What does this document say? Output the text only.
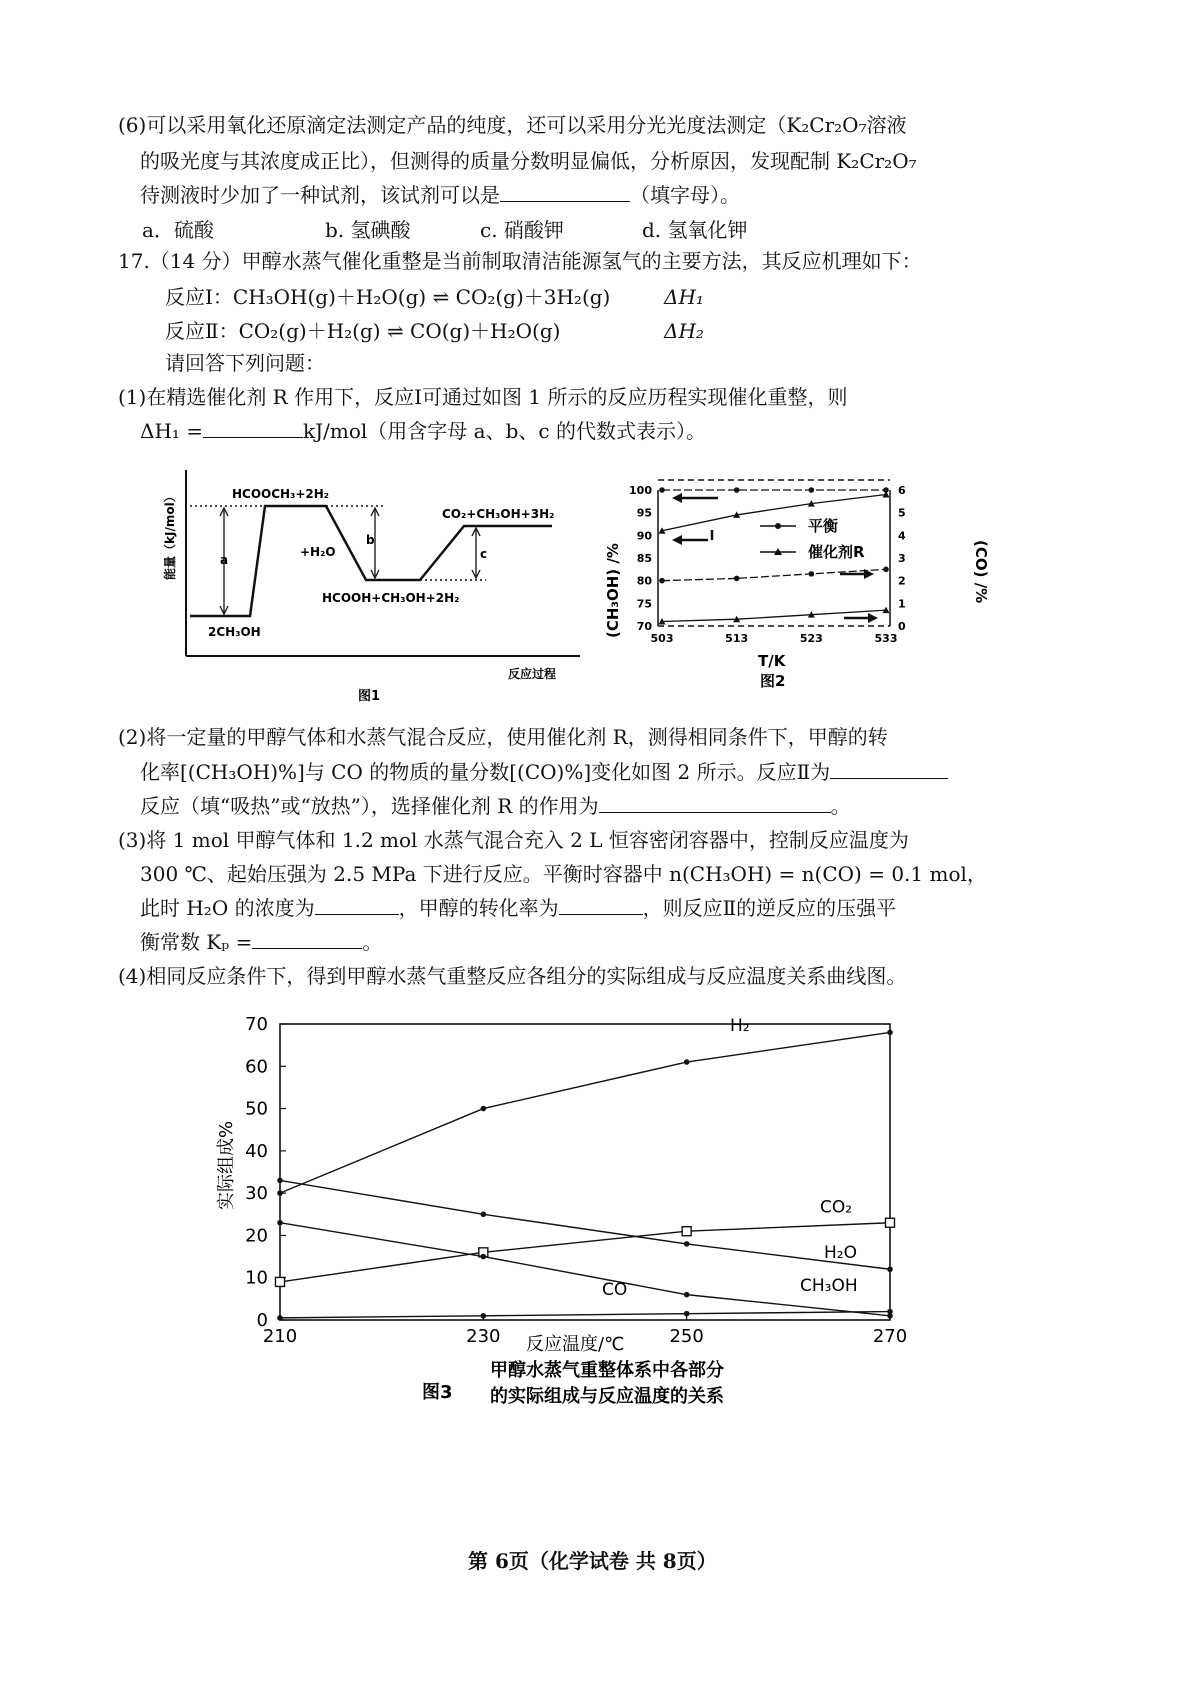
(6)可以采用氧化还原滴定法测定产品的纯度，还可以采用分光光度法测定（K₂Cr₂O₇溶液
的吸光度与其浓度成正比），但测得的质量分数明显偏低，分析原因，发现配制 K₂Cr₂O₇
待测液时少加了一种试剂，该试剂可以是	（填字母）。
a．硫酸	b. 氢碘酸	c. 硝酸钾	d. 氢氧化钾
17.（14 分）甲醇水蒸气催化重整是当前制取清洁能源氢气的主要方法，其反应机理如下：
反应Ⅰ：CH₃OH(g)＋H₂O(g) ⇌ CO₂(g)＋3H₂(g)	ΔH₁
反应Ⅱ：CO₂(g)＋H₂(g) ⇌ CO(g)＋H₂O(g)	ΔH₂
请回答下列问题：
(1)在精选催化剂 R 作用下，反应Ⅰ可通过如图 1 所示的反应历程实现催化重整，则
ΔH₁ =	kJ/mol（用含字母 a、b、c 的代数式表示）。
a
b
c
2CH₃OH
HCOOCH₃+2H₂
HCOOH+CH₃OH+2H₂
CO₂+CH₃OH+3H₂
+H₂O
能量（kJ/mol）
反应过程
图1
70
75
80
85
90
95
100
0
1
2
3
4
5
6
503	513	523	533
(CH₃OH) /%	(CO) /%
T/K
图2
平衡
催化剂R
(2)将一定量的甲醇气体和水蒸气混合反应，使用催化剂 R，测得相同条件下，甲醇的转
化率[(CH₃OH)%]与 CO 的物质的量分数[(CO)%]变化如图 2 所示。反应Ⅱ为
反应（填“吸热”或“放热”），选择催化剂 R 的作用为	。
(3)将 1 mol 甲醇气体和 1.2 mol 水蒸气混合充入 2 L 恒容密闭容器中，控制反应温度为
300 ℃、起始压强为 2.5 MPa 下进行反应。平衡时容器中 n(CH₃OH) = n(CO) = 0.1 mol，
此时 H₂O 的浓度为	，甲醇的转化率为	，则反应Ⅱ的逆反应的压强平
衡常数 Kₚ =	。
(4)相同反应条件下，得到甲醇水蒸气重整反应各组分的实际组成与反应温度关系曲线图。
0
10
20
30
40
50
60
70
210	230	250	270
H₂
CO₂
H₂O
CH₃OH
CO
实际组成%
反应温度/℃
图3
甲醇水蒸气重整体系中各部分
的实际组成与反应温度的关系
第 6页（化学试卷 共 8页）
